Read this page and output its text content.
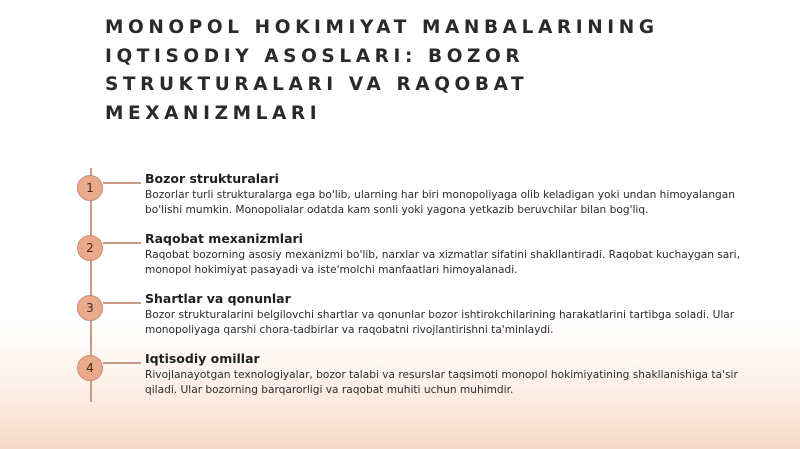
MONOPOL HOKIMIYAT MANBALARINING IQTISODIY ASOSLARI: BOZOR STRUKTURALARI VA RAQOBAT MEXANIZMLARI
1
Bozor strukturalari
Bozorlar turli strukturalarga ega bo'lib, ularning har biri monopoliyaga olib keladigan yoki undan himoyalangan bo'lishi mumkin. Monopolialar odatda kam sonli yoki yagona yetkazib beruvchilar bilan bog'liq.
2
Raqobat mexanizmlari
Raqobat bozorning asosiy mexanizmi bo'lib, narxlar va xizmatlar sifatini shakllantiradi. Raqobat kuchaygan sari, monopol hokimiyat pasayadi va iste'molchi manfaatlari himoyalanadi.
3
Shartlar va qonunlar
Bozor strukturalarini belgilovchi shartlar va qonunlar bozor ishtirokchilarining harakatlarini tartibga soladi. Ular monopoliyaga qarshi chora-tadbirlar va raqobatni rivojlantirishni ta'minlaydi.
4
Iqtisodiy omillar
Rivojlanayotgan texnologiyalar, bozor talabi va resurslar taqsimoti monopol hokimiyatining shakllanishiga ta'sir qiladi. Ular bozorning barqarorligi va raqobat muhiti uchun muhimdir.
